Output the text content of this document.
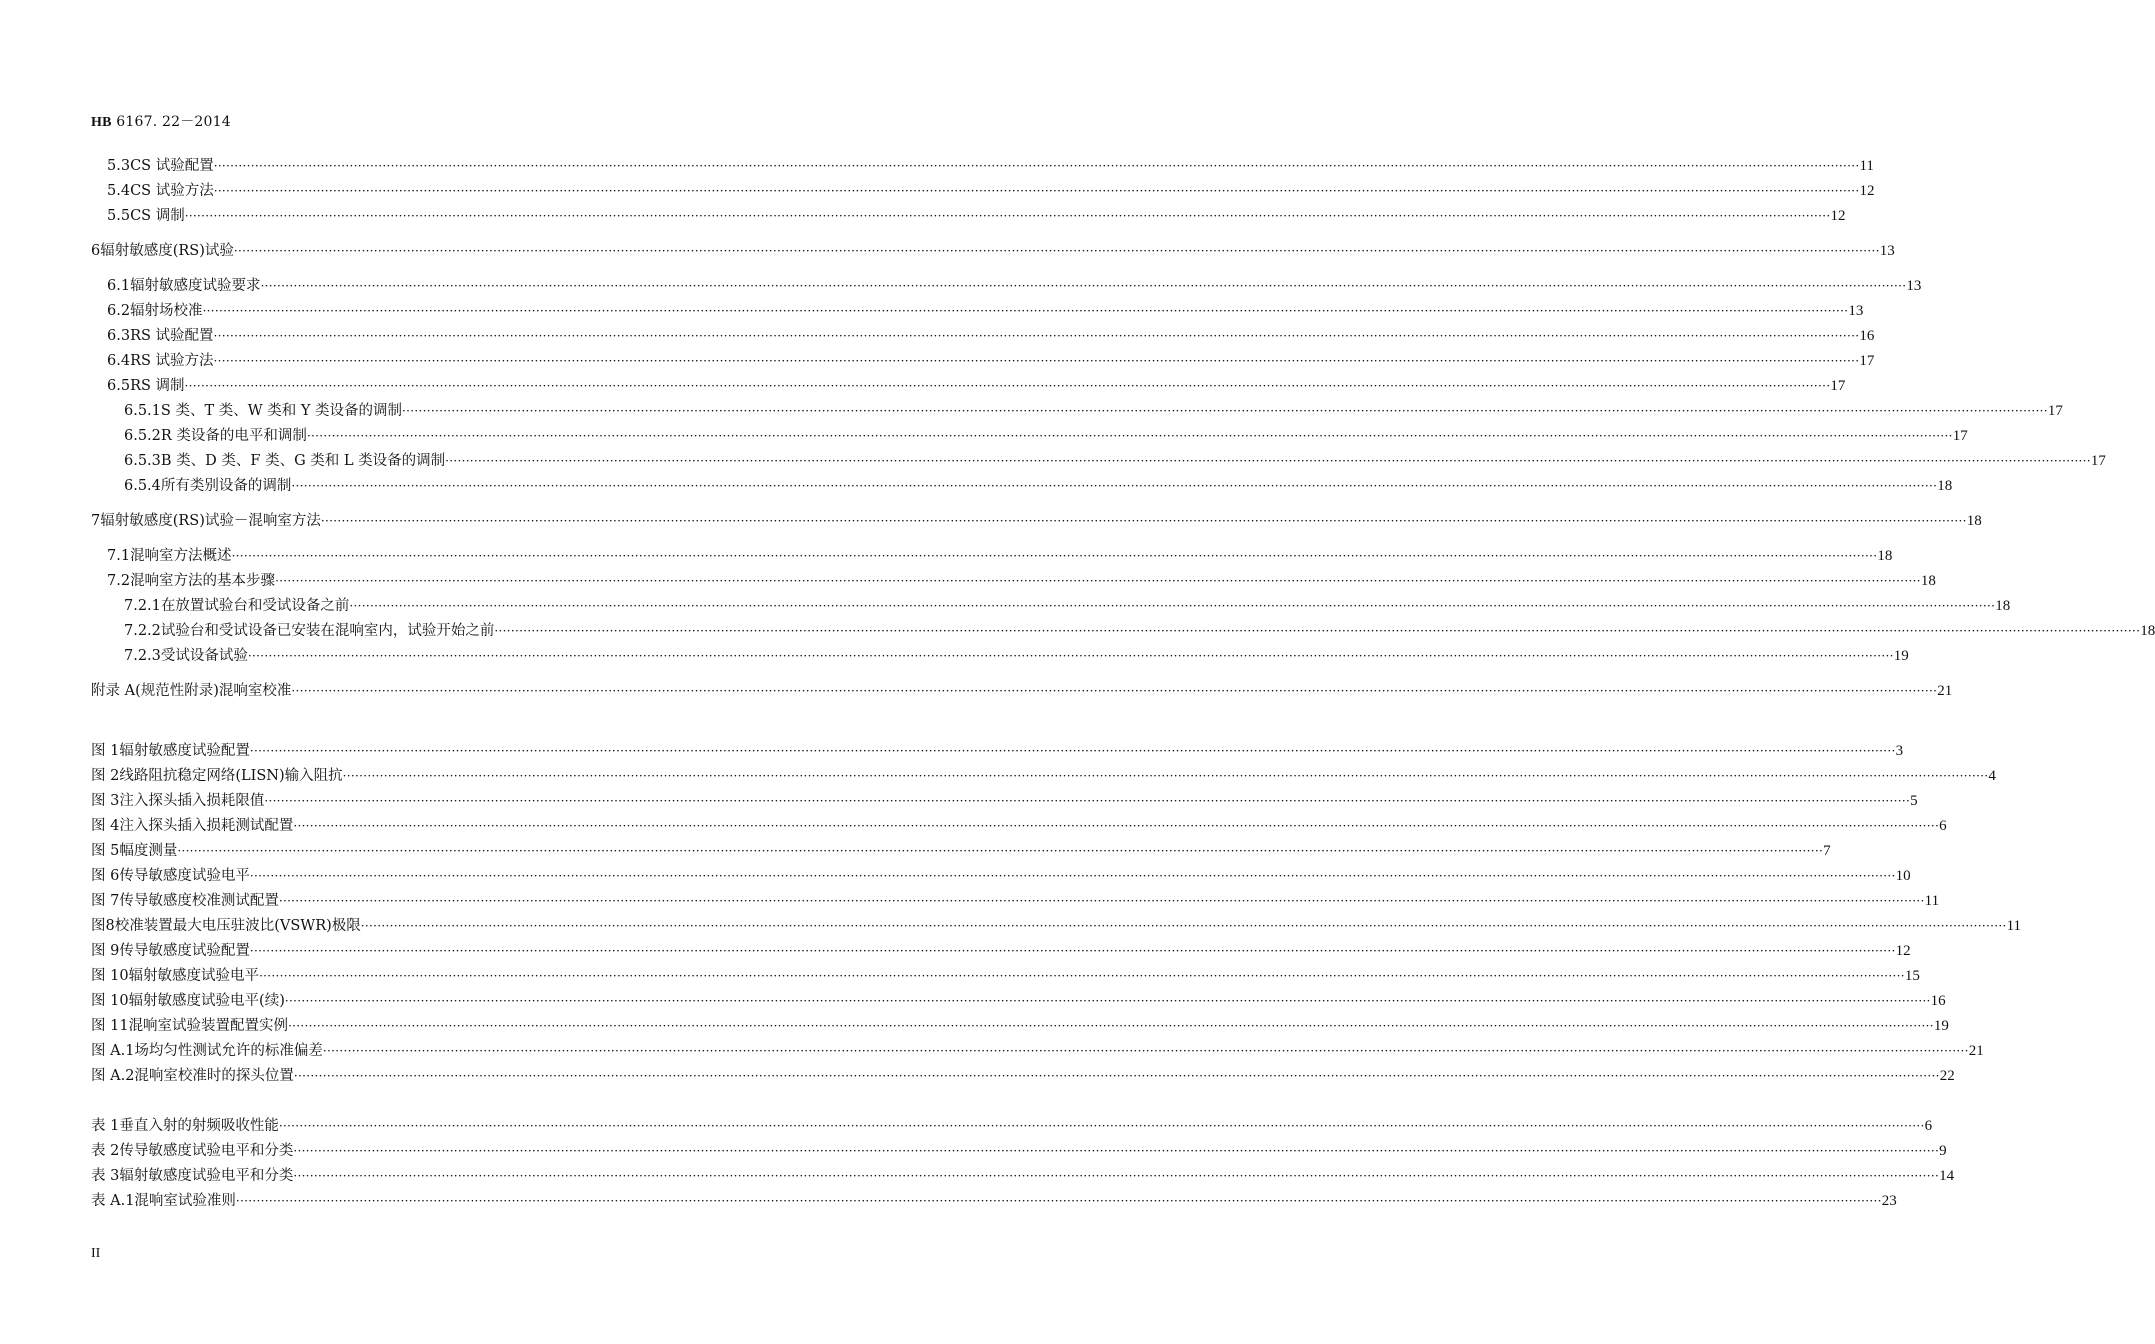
HB 6167. 22－2014
5.3 CS 试验配置 ················································································································································································································································································································································································································ 11
5.4 CS 试验方法 ················································································································································································································································································································································································································ 12
5.5 CS 调制 ················································································································································································································································································································································································································ 12
6 辐射敏感度(RS)试验 ················································································································································································································································································································································································································ 13
6.1 辐射敏感度试验要求 ················································································································································································································································································································································································································ 13
6.2 辐射场校准 ················································································································································································································································································································································································································ 13
6.3 RS 试验配置 ················································································································································································································································································································································································································ 16
6.4 RS 试验方法 ················································································································································································································································································································································································································ 17
6.5 RS 调制 ················································································································································································································································································································································································································ 17
6.5.1 S 类、T 类、W 类和 Y 类设备的调制 ················································································································································································································································································································································································································ 17
6.5.2 R 类设备的电平和调制 ················································································································································································································································································································································································································ 17
6.5.3 B 类、D 类、F 类、G 类和 L 类设备的调制 ················································································································································································································································································································································································································ 17
6.5.4 所有类别设备的调制 ················································································································································································································································································································································································································ 18
7 辐射敏感度(RS)试验－混响室方法 ················································································································································································································································································································································································································ 18
7.1 混响室方法概述 ················································································································································································································································································································································································································ 18
7.2 混响室方法的基本步骤 ················································································································································································································································································································································································································ 18
7.2.1 在放置试验台和受试设备之前 ················································································································································································································································································································································································································ 18
7.2.2 试验台和受试设备已安装在混响室内，试验开始之前 ················································································································································································································································································································································································································ 18
7.2.3 受试设备试验 ················································································································································································································································································································································································································ 19
附录 A(规范性附录) 混响室校准 ················································································································································································································································································································································································································ 21
图 1 辐射敏感度试验配置 ················································································································································································································································································································································································································ 3
图 2 线路阻抗稳定网络(LISN)输入阻抗 ················································································································································································································································································································································································································ 4
图 3 注入探头插入损耗限值 ················································································································································································································································································································································································································ 5
图 4 注入探头插入损耗测试配置 ················································································································································································································································································································································································································ 6
图 5 幅度测量 ················································································································································································································································································································································································································ 7
图 6 传导敏感度试验电平 ················································································································································································································································································································································································································ 10
图 7 传导敏感度校准测试配置 ················································································································································································································································································································································································································ 11
图8 校准装置最大电压驻波比(VSWR)极限 ················································································································································································································································································································································································································ 11
图 9 传导敏感度试验配置 ················································································································································································································································································································································································································ 12
图 10 辐射敏感度试验电平 ················································································································································································································································································································································································································ 15
图 10 辐射敏感度试验电平(续) ················································································································································································································································································································································································································ 16
图 11 混响室试验装置配置实例 ················································································································································································································································································································································································································ 19
图 A.1 场均匀性测试允许的标准偏差 ················································································································································································································································································································································································································ 21
图 A.2 混响室校准时的探头位置 ················································································································································································································································································································································································································ 22
表 1 垂直入射的射频吸收性能 ················································································································································································································································································································································································································ 6
表 2 传导敏感度试验电平和分类 ················································································································································································································································································································································································································ 9
表 3 辐射敏感度试验电平和分类 ················································································································································································································································································································································································································ 14
表 A.1 混响室试验准则 ················································································································································································································································································································································································································ 23
II
